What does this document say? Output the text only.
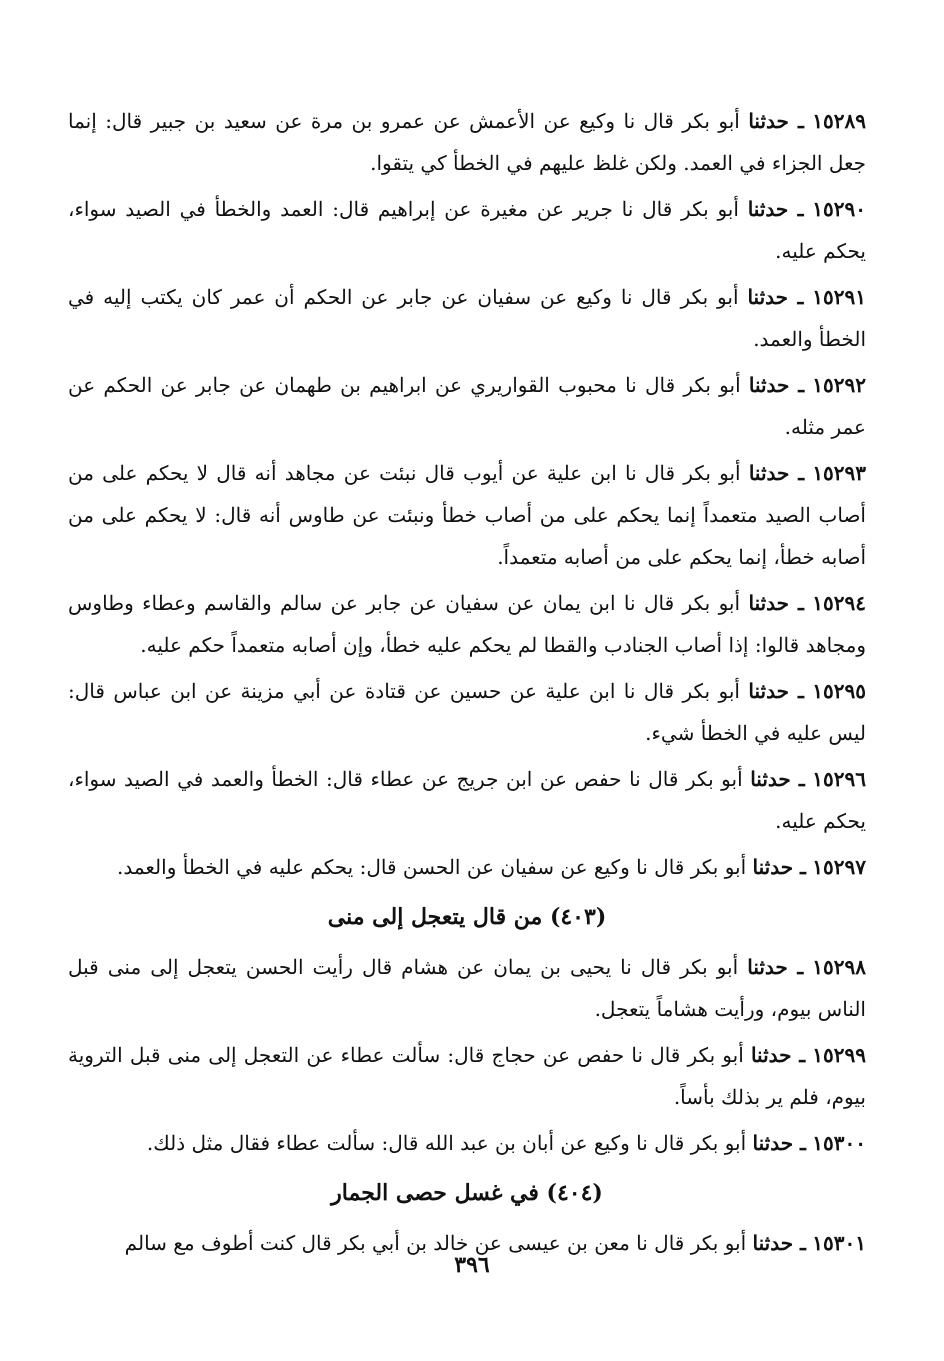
١٥٢٨٩ ـ حدثنا أبو بكر قال نا وكيع عن الأعمش عن عمرو بن مرة عن سعيد بن جبير قال: إنما جعل الجزاء في العمد. ولكن غلظ عليهم في الخطأ كي يتقوا.

١٥٢٩٠ ـ حدثنا أبو بكر قال نا جرير عن مغيرة عن إبراهيم قال: العمد والخطأ في الصيد سواء، يحكم عليه.

١٥٢٩١ ـ حدثنا أبو بكر قال نا وكيع عن سفيان عن جابر عن الحكم أن عمر كان يكتب إليه في الخطأ والعمد.

١٥٢٩٢ ـ حدثنا أبو بكر قال نا محبوب القواريري عن ابراهيم بن طهمان عن جابر عن الحكم عن عمر مثله.

١٥٢٩٣ ـ حدثنا أبو بكر قال نا ابن علية عن أيوب قال نبئت عن مجاهد أنه قال لا يحكم على من أصاب الصيد متعمداً إنما يحكم على من أصاب خطأ ونبئت عن طاوس أنه قال: لا يحكم على من أصابه خطأ، إنما يحكم على من أصابه متعمداً.

١٥٢٩٤ ـ حدثنا أبو بكر قال نا ابن يمان عن سفيان عن جابر عن سالم والقاسم وعطاء وطاوس ومجاهد قالوا: إذا أصاب الجنادب والقطا لم يحكم عليه خطأ، وإن أصابه متعمداً حكم عليه.

١٥٢٩٥ ـ حدثنا أبو بكر قال نا ابن علية عن حسين عن قتادة عن أبي مزينة عن ابن عباس قال: ليس عليه في الخطأ شيء.

١٥٢٩٦ ـ حدثنا أبو بكر قال نا حفص عن ابن جريج عن عطاء قال: الخطأ والعمد في الصيد سواء، يحكم عليه.

١٥٢٩٧ ـ حدثنا أبو بكر قال نا وكيع عن سفيان عن الحسن قال: يحكم عليه في الخطأ والعمد.

(٤٠٣) من قال يتعجل إلى منى

١٥٢٩٨ ـ حدثنا أبو بكر قال نا يحيى بن يمان عن هشام قال رأيت الحسن يتعجل إلى منى قبل الناس بيوم، ورأيت هشاماً يتعجل.

١٥٢٩٩ ـ حدثنا أبو بكر قال نا حفص عن حجاج قال: سألت عطاء عن التعجل إلى منى قبل التروية بيوم، فلم ير بذلك بأساً.

١٥٣٠٠ ـ حدثنا أبو بكر قال نا وكيع عن أبان بن عبد الله قال: سألت عطاء فقال مثل ذلك.

(٤٠٤) في غسل حصى الجمار

١٥٣٠١ ـ حدثنا أبو بكر قال نا معن بن عيسى عن خالد بن أبي بكر قال كنت أطوف مع سالم

٣٩٦
